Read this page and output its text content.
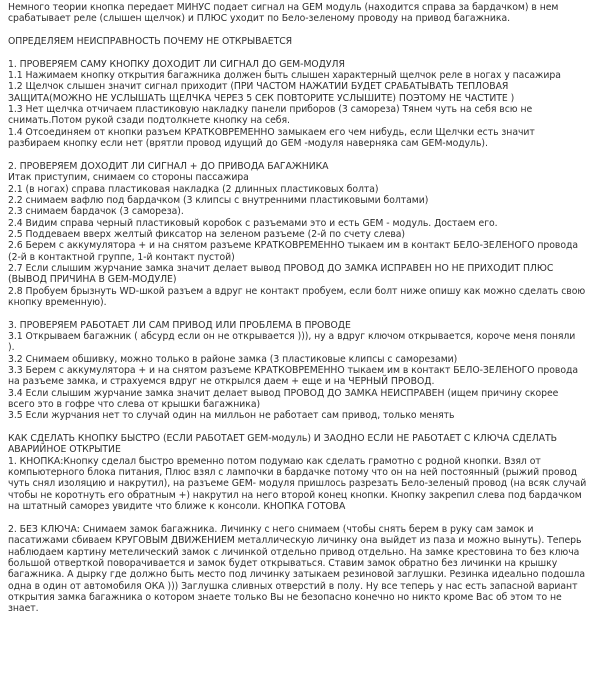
Немного теории кнопка передает МИНУС подает сигнал на GEM модуль (находится справа за бардачком) в нем
срабатывает реле (слышен щелчок) и ПЛЮС уходит по Бело-зеленому проводу на привод багажника.

ОПРЕДЕЛЯЕМ НЕИСПРАВНОСТЬ ПОЧЕМУ НЕ ОТКРЫВАЕТСЯ

1. ПРОВЕРЯЕМ САМУ КНОПКУ ДОХОДИТ ЛИ СИГНАЛ ДО GEM-МОДУЛЯ
1.1 Нажимаем кнопку открытия багажника должен быть слышен характерный щелчок реле в ногах у пасажира
1.2 Щелчок слышен значит сигнал приходит (ПРИ ЧАСТОМ НАЖАТИИ БУДЕТ СРАБАТЫВАТЬ ТЕПЛОВАЯ
ЗАЩИТА(МОЖНО НЕ УСЛЫШАТЬ ЩЕЛЧКА ЧЕРЕЗ 5 СЕК ПОВТОРИТЕ УСЛЫШИТЕ) ПОЭТОМУ НЕ ЧАСТИТЕ )
1.3 Нет щелчка отчичаем пластиковую накладку панели приборов (3 самореза) Тянем чуть на себя всю не
снимать.Потом рукой сзади подтолкнете кнопку на себя.
1.4 Отсоединяем от кнопки разъем КРАТКОВРЕМЕННО замыкаем его чем нибудь, если Щелчки есть значит
разбираем кнопку если нет (врятли провод идущий до GEM -модуля наверняка сам GEM-модуль).

2. ПРОВЕРЯЕМ ДОХОДИТ ЛИ СИГНАЛ + ДО ПРИВОДА БАГАЖНИКА
Итак приступим, снимаем со стороны пассажира
2.1 (в ногах) справа пластиковая накладка (2 длинных пластиковых болта)
2.2 снимаем вафлю под бардачком (3 клипсы с внутренними пластиковыми болтами)
2.3 снимаем бардачок (3 самореза).
2.4 Видим справа черный пластиковый коробок с разъемами это и есть GEM - модуль. Достаем его.
2.5 Поддеваем вверх желтый фиксатор на зеленом разъеме (2-й по счету слева)
2.6 Берем с аккумулятора + и на снятом разъеме КРАТКОВРЕМЕННО тыкаем им в контакт БЕЛО-ЗЕЛЕНОГО провода
(2-й в контактной группе, 1-й контакт пустой)
2.7 Если слышим журчание замка значит делает вывод ПРОВОД ДО ЗАМКА ИСПРАВЕН НО НЕ ПРИХОДИТ ПЛЮС
(ВЫВОД ПРИЧИНА В GEM-МОДУЛЕ)
2.8 Пробуем брызнуть WD-шкой разъем а вдруг не контакт пробуем, если болт ниже опишу как можно сделать свою
кнопку временную).

3. ПРОВЕРЯЕМ РАБОТАЕТ ЛИ САМ ПРИВОД ИЛИ ПРОБЛЕМА В ПРОВОДЕ
3.1 Открываем багажник ( абсурд если он не открывается ))), ну а вдруг ключом открывается, короче меня поняли
).
3.2 Снимаем обшивку, можно только в районе замка (3 пластиковые клипсы с саморезами)
3.3 Берем с аккумулятора + и на снятом разъеме КРАТКОВРЕМЕННО тыкаем им в контакт БЕЛО-ЗЕЛЕНОГО провода
на разъеме замка, и страхуемся вдруг не открылся даем + еще и на ЧЕРНЫЙ ПРОВОД.
3.4 Если слышим журчание замка значит делает вывод ПРОВОД ДО ЗАМКА НЕИСПРАВЕН (ищем причину скорее
всего это в гофре что слева от крышки багажника)
3.5 Если журчания нет то случай один на милльон не работает сам привод, только менять

КАК СДЕЛАТЬ КНОПКУ БЫСТРО (ЕСЛИ РАБОТАЕТ GEM-модуль) И ЗАОДНО ЕСЛИ НЕ РАБОТАЕТ С КЛЮЧА СДЕЛАТЬ
АВАРИЙНОЕ ОТКРЫТИЕ
1. КНОПКА:Кнопку сделал быстро временно потом подумаю как сделать грамотно с родной кнопки. Взял от
компьютерного блока питания, Плюс взял с лампочки в бардачке потому что он на ней постоянный (рыжий провод
чуть снял изоляцию и накрутил), на разъеме GEM- модуля пришлось разрезать Бело-зеленый провод (на всяк случай
чтобы не коротнуть его обратным +) накрутил на него второй конец кнопки. Кнопку закрепил слева под бардачком
на штатный саморез увидите что ближе к консоли. КНОПКА ГОТОВА

2. БЕЗ КЛЮЧА: Снимаем замок багажника. Личинку с него снимаем (чтобы снять берем в руку сам замок и
пасатижами сбиваем КРУГОВЫМ ДВИЖЕНИЕМ металлическую личинку она выйдет из паза и можно вынуть). Теперь
наблюдаем картину метелический замок с личинкой отдельно привод отдельно. На замке крестовина то без ключа
большой отверткой поворачивается и замок будет открываться. Ставим замок обратно без личинки на крышку
багажника. А дырку где должно быть место под личинку затыкаем резиновой заглушки. Резинка идеально подошла
одна в один от автомобиля ОКА ))) Заглушка сливных отверстий в полу. Ну все теперь у нас есть запасной вариант
открытия замка багажника о котором знаете только Вы не безопасно конечно но никто кроме Вас об этом то не
знает.
